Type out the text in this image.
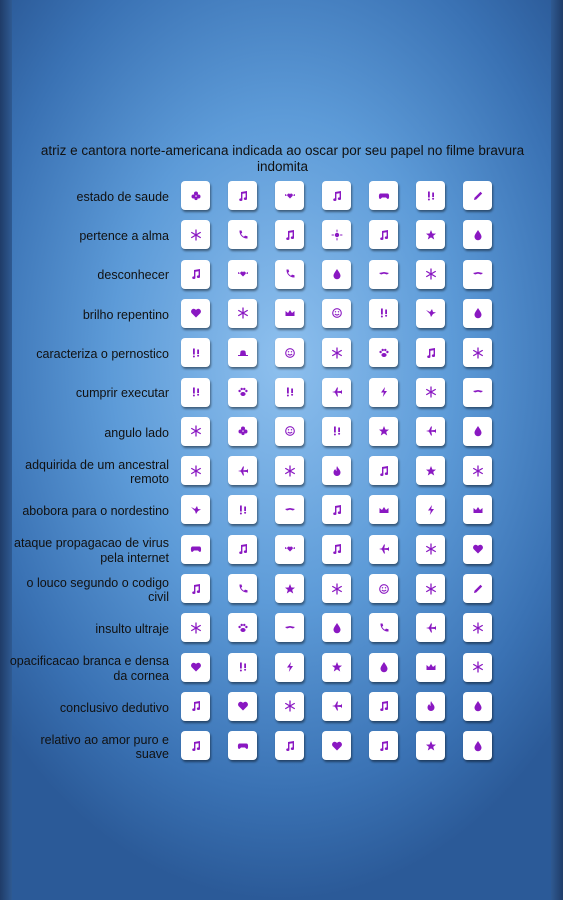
atriz e cantora norte-americana indicada ao oscar por seu papel no filme bravura indomita
estado de saude
pertence a alma
desconhecer
brilho repentino
caracteriza o pernostico
cumprir executar
angulo lado
adquirida de um ancestral remoto
abobora para o nordestino
ataque propagacao de virus pela internet
o louco segundo o codigo civil
insulto ultraje
opacificacao branca e densa da cornea
conclusivo dedutivo
relativo ao amor puro e suave
